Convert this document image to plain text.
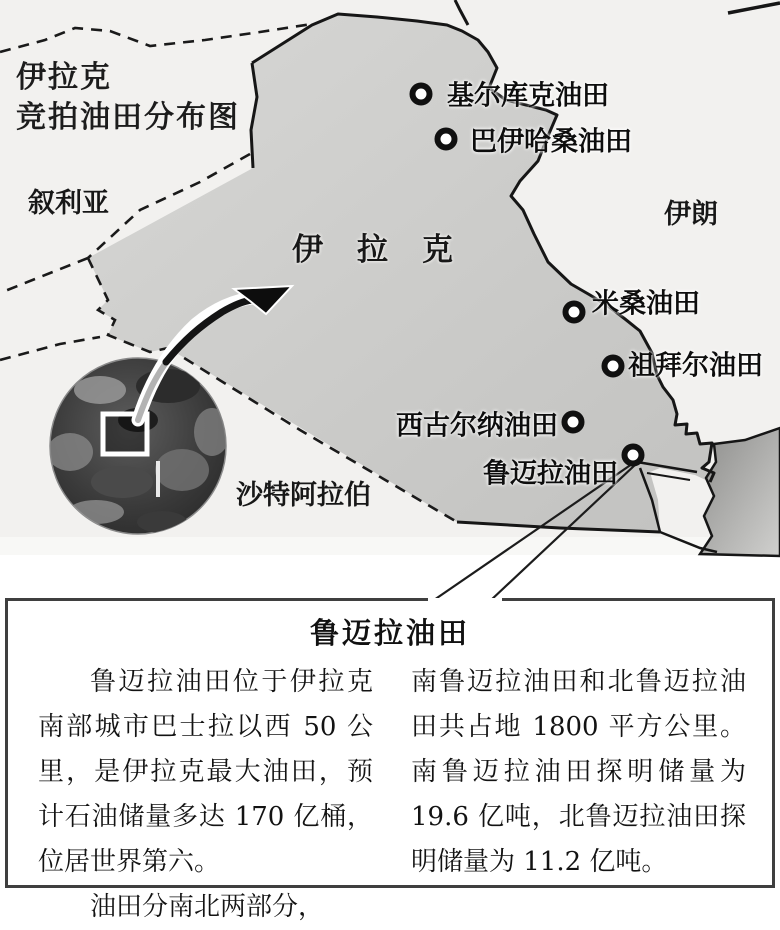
伊拉克
竞拍油田分布图
叙利亚
伊拉克
伊朗
沙特阿拉伯
基尔库克油田
巴伊哈桑油田
米桑油田
祖拜尔油田
西古尔纳油田
鲁迈拉油田
鲁迈拉油田

鲁迈拉油田位于伊拉克南部城市巴士拉以西 50 公里，是伊拉克最大油田，预计石油储量多达 170 亿桶，位居世界第六。

油田分南北两部分，

南鲁迈拉油田和北鲁迈拉油田共占地 1800 平方公里。南鲁迈拉油田探明储量为 19.6 亿吨，北鲁迈拉油田探明储量为 11.2 亿吨。
